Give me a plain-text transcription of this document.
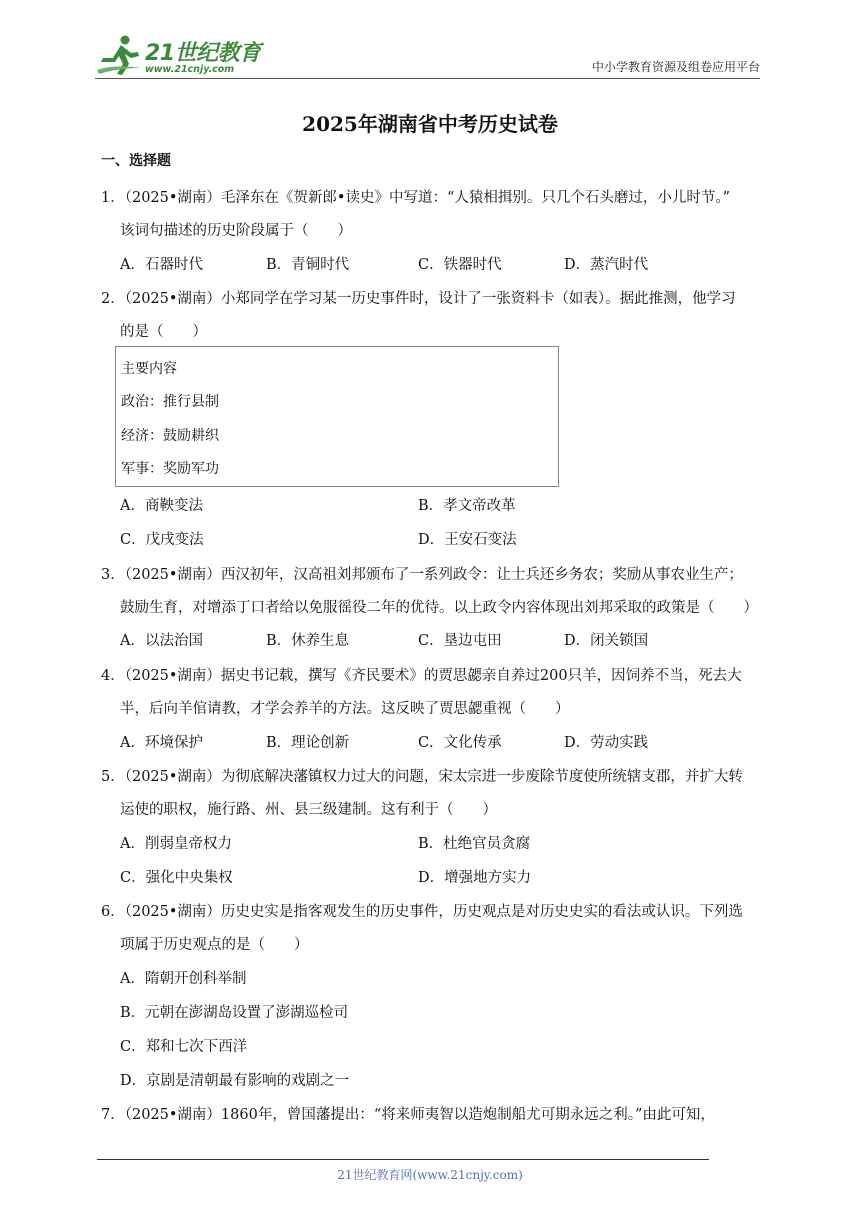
21世纪教育
www.21cnjy.com	中小学教育资源及组卷应用平台
2025年湖南省中考历史试卷
一、选择题
1．（2025•湖南）毛泽东在《贺新郎•读史》中写道：“人猿相揖别。只几个石头磨过，小儿时节。”
该词句描述的历史阶段属于（　　）
A．石器时代	B．青铜时代	C．铁器时代	D．蒸汽时代
2．（2025•湖南）小郑同学在学习某一历史事件时，设计了一张资料卡（如表）。据此推测，他学习
的是（　　）
主要内容
政治：推行县制
经济：鼓励耕织
军事：奖励军功
A．商鞅变法	B．孝文帝改革
C．戊戌变法	D．王安石变法
3．（2025•湖南）西汉初年，汉高祖刘邦颁布了一系列政令：让士兵还乡务农；奖励从事农业生产；
鼓励生育，对增添丁口者给以免服徭役二年的优待。以上政令内容体现出刘邦采取的政策是（　　）
A．以法治国	B．休养生息	C．垦边屯田	D．闭关锁国
4．（2025•湖南）据史书记载，撰写《齐民要术》的贾思勰亲自养过200只羊，因饲养不当，死去大
半，后向羊倌请教，才学会养羊的方法。这反映了贾思勰重视（　　）
A．环境保护	B．理论创新	C．文化传承	D．劳动实践
5．（2025•湖南）为彻底解决藩镇权力过大的问题，宋太宗进一步废除节度使所统辖支郡，并扩大转
运使的职权，施行路、州、县三级建制。这有利于（　　）
A．削弱皇帝权力	B．杜绝官员贪腐
C．强化中央集权	D．增强地方实力
6．（2025•湖南）历史史实是指客观发生的历史事件，历史观点是对历史史实的看法或认识。下列选
项属于历史观点的是（　　）
A．隋朝开创科举制
B．元朝在澎湖岛设置了澎湖巡检司
C．郑和七次下西洋
D．京剧是清朝最有影响的戏剧之一
7．（2025•湖南）1860年，曾国藩提出：“将来师夷智以造炮制船尤可期永远之利。”由此可知，
21世纪教育网(www.21cnjy.com)
